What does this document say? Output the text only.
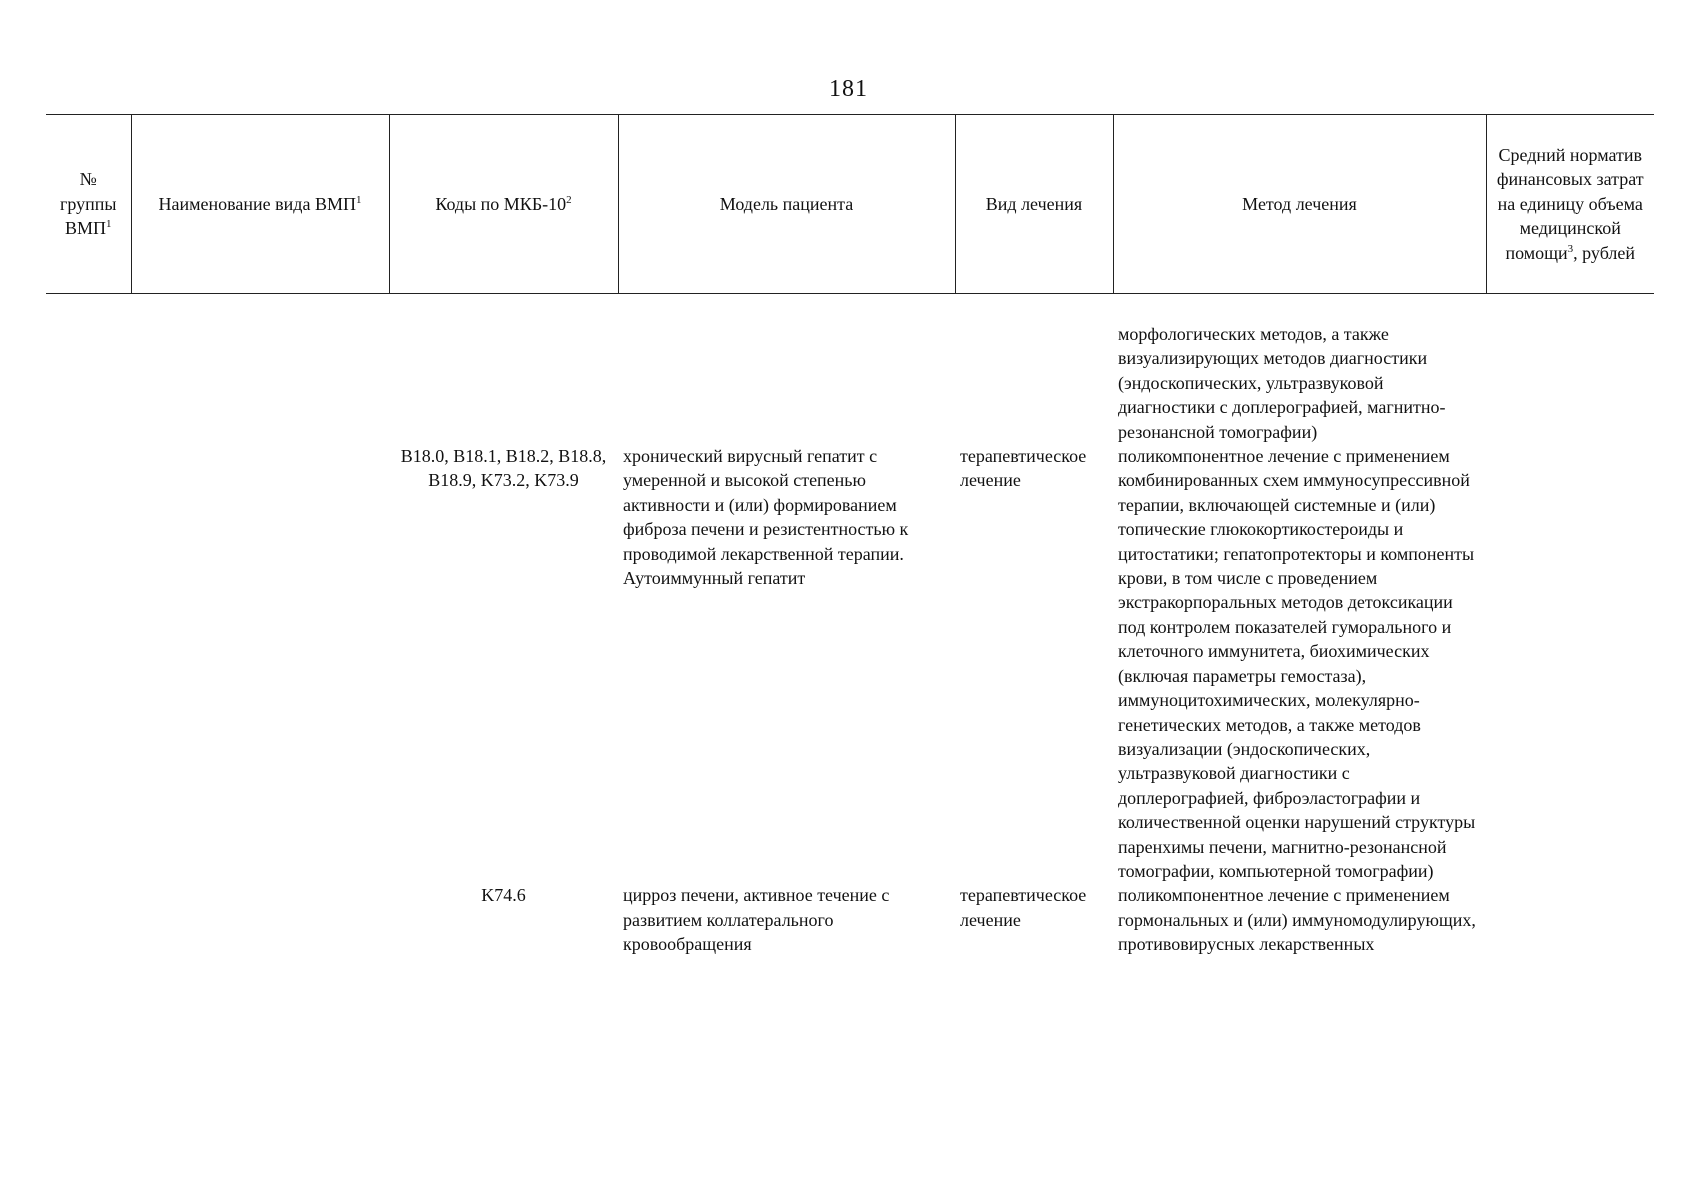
181
№ группы ВМП$^1$	Наименование вида ВМП$^1$	Коды по МКБ-$10^2$	Модель пациента	Вид лечения	Метод лечения	Средний норматив финансовых затрат на единицу объема медицинской помощи$^3$, рублей

					морфологических методов, а также визуализирующих методов диагностики (эндоскопических, ультразвуковой диагностики с доплерографией, магнитно-резонансной томографии)	
		B18.0, B18.1, B18.2, B18.8, B18.9, K73.2, K73.9	хронический вирусный гепатит с умеренной и высокой степенью активности и (или) формированием фиброза печени и резистентностью к проводимой лекарственной терапии. Аутоиммунный гепатит	терапевтическое лечение	поликомпонентное лечение с применением комбинированных схем иммуносупрессивной терапии, включающей системные и (или) топические глюкокортикостероиды и цитостатики; гепатопротекторы и компоненты крови, в том числе с проведением экстракорпоральных методов детоксикации под контролем показателей гуморального и клеточного иммунитета, биохимических (включая параметры гемостаза), иммуноцитохимических, молекулярно-генетических методов, а также методов визуализации (эндоскопических, ультразвуковой диагностики с доплерографией, фиброэластографии и количественной оценки нарушений структуры паренхимы печени, магнитно-резонансной томографии, компьютерной томографии)	
		K74.6	цирроз печени, активное течение с развитием коллатерального кровообращения	терапевтическое лечение	поликомпонентное лечение с применением гормональных и (или) иммуномодулирующих, противовирусных лекарственных	
